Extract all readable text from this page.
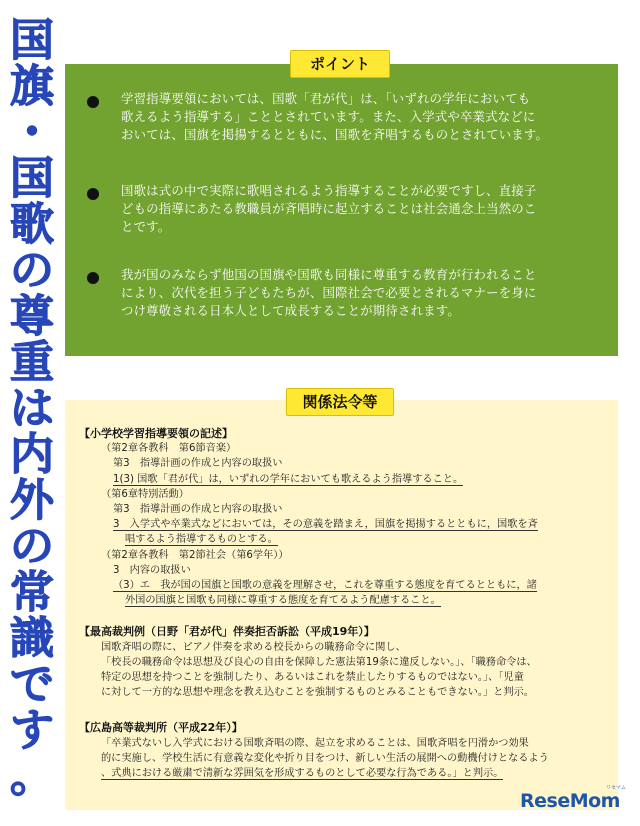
国
旗
・
国
歌
の
尊
重
は
内
外
の
常
識
で
す
。
ポイント

学習指導要領においては、国歌「君が代」は、「いずれの学年においても
歌えるよう指導する」こととされています。また、入学式や卒業式などに
おいては、国旗を掲揚するとともに、国歌を斉唱するものとされています。

国歌は式の中で実際に歌唱されるよう指導することが必要ですし、直接子
どもの指導にあたる教職員が斉唱時に起立することは社会通念上当然のこ
とです。

我が国のみならず他国の国旗や国歌も同様に尊重する教育が行われること
により、次代を担う子どもたちが、国際社会で必要とされるマナーを身に
つけ尊敬される日本人として成長することが期待されます。

関係法令等
【小学校学習指導要領の記述】
（第2章各教科　第6節音楽）
第3　指導計画の作成と内容の取扱い
1(3) 国歌「君が代」は，いずれの学年においても歌えるよう指導すること。
（第6章特別活動）
第3　指導計画の作成と内容の取扱い
3　入学式や卒業式などにおいては，その意義を踏まえ，国旗を掲揚するとともに，国歌を斉
唱するよう指導するものとする。
（第2章各教科　第2節社会（第6学年））
3　内容の取扱い
（3）エ　我が国の国旗と国歌の意義を理解させ，これを尊重する態度を育てるとともに，諸
外国の国旗と国歌も同様に尊重する態度を育てるよう配慮すること。
【最高裁判例（日野「君が代」伴奏拒否訴訟（平成19年）】
国歌斉唱の際に、ピアノ伴奏を求める校長からの職務命令に関し、
「校長の職務命令は思想及び良心の自由を保障した憲法第19条に違反しない。」、「職務命令は、
特定の思想を持つことを強制したり、あるいはこれを禁止したりするものではない。」、「児童
に対して一方的な思想や理念を教え込むことを強制するものとみることもできない。」と判示。
【広島高等裁判所（平成22年）】
「卒業式ないし入学式における国歌斉唱の際、起立を求めることは、国歌斉唱を円滑かつ効果
的に実施し、学校生活に有意義な変化や折り目をつけ、新しい生活の展開への動機付けとなるよう
、式典における厳粛で清新な雰囲気を形成するものとして必要な行為である。」と判示。
リセマム
ReseMom
